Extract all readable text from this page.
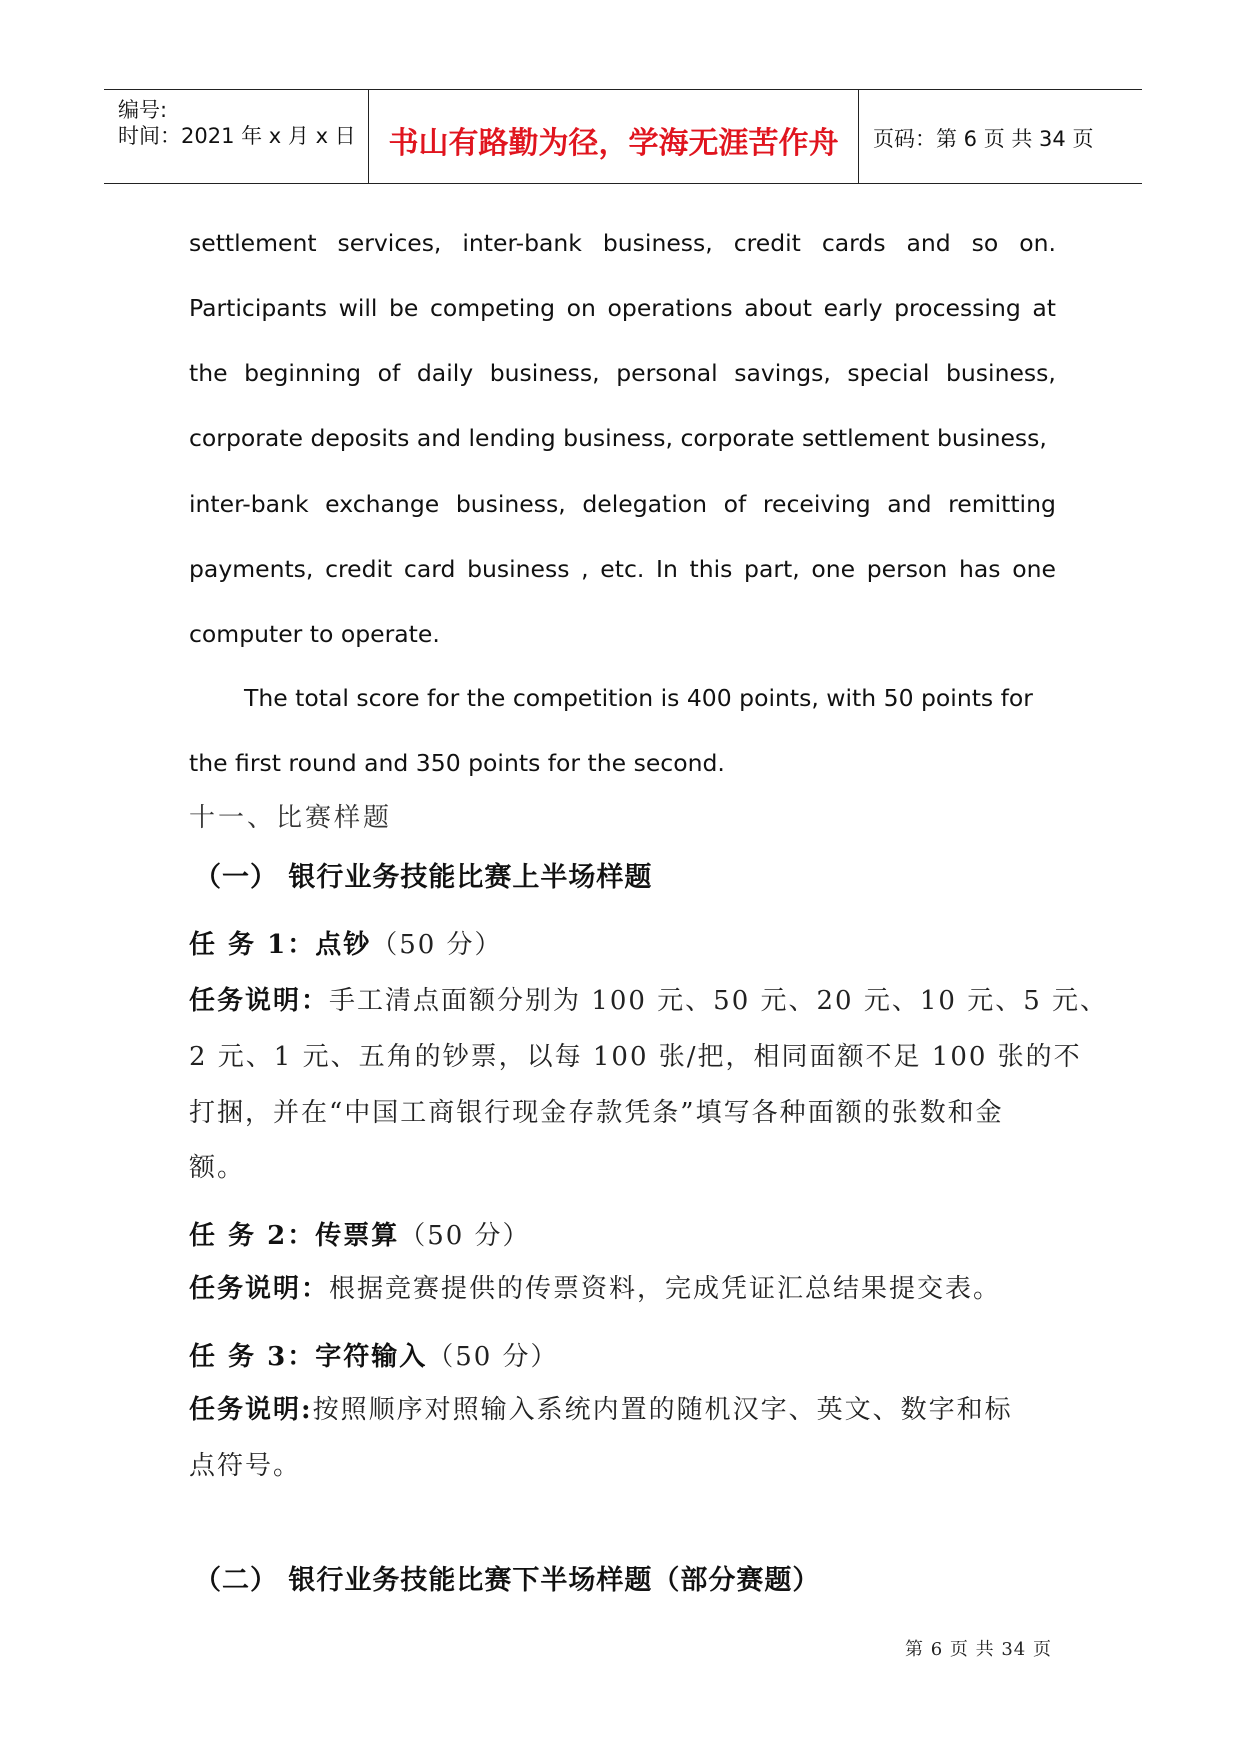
编号:
时间：2021 年 x 月 x 日	书山有路勤为径，学海无涯苦作舟	页码：第 6 页 共 34 页
settlement services, inter-bank business, credit cards and so on.
Participants will be competing on operations about early processing at
the beginning of daily business, personal savings, special business,
corporate deposits and lending business, corporate settlement business,
inter-bank exchange business, delegation of receiving and remitting
payments, credit card business , etc. In this part, one person has one
computer to operate.
The total score for the competition is 400 points, with 50 points for
the first round and 350 points for the second.
十一、比赛样题
（一） 银行业务技能比赛上半场样题
任 务 1：点钞（50 分）
任务说明：手工清点面额分别为 100 元、50 元、20 元、10 元、5 元、
2 元、1 元、五角的钞票，以每 100 张/把，相同面额不足 100 张的不
打捆，并在“中国工商银行现金存款凭条”填写各种面额的张数和金
额。
任 务 2：传票算（50 分）
任务说明：根据竞赛提供的传票资料，完成凭证汇总结果提交表。
任 务 3：字符输入（50 分）
任务说明:按照顺序对照输入系统内置的随机汉字、英文、数字和标
点符号。
（二） 银行业务技能比赛下半场样题（部分赛题）
第 6 页 共 34 页
